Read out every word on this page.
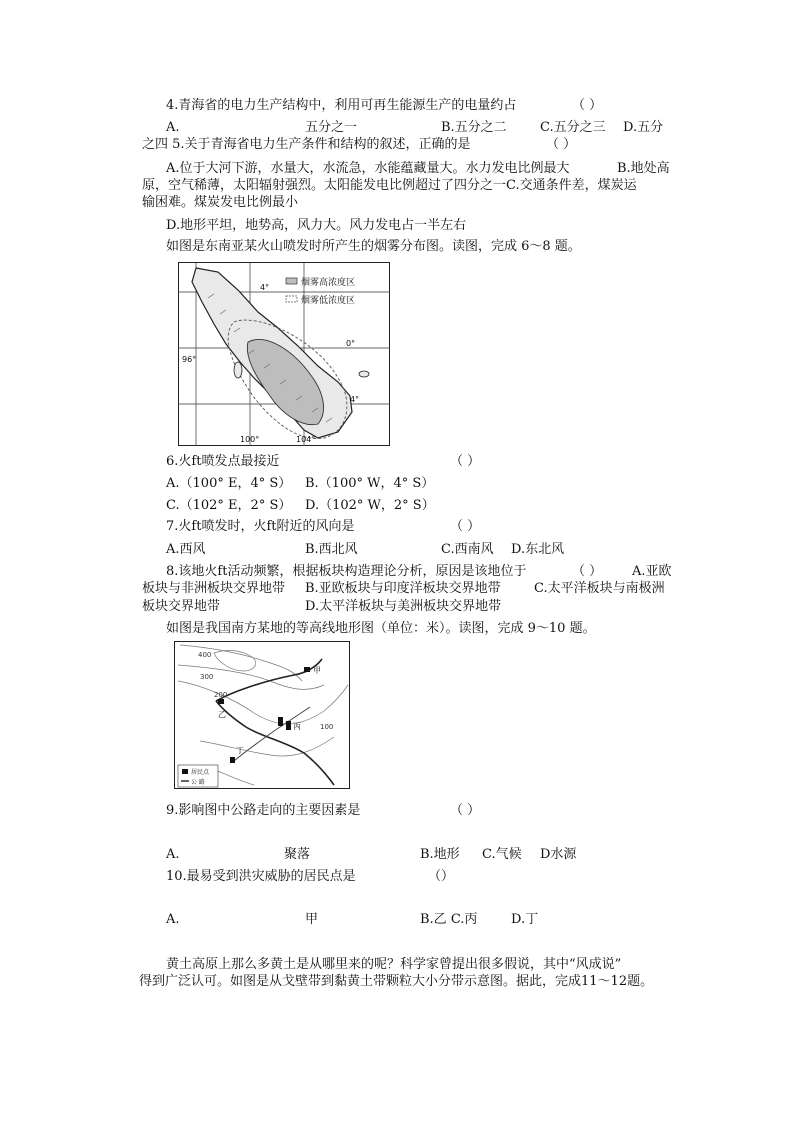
4.青海省的电力生产结构中，利用可再生能源生产的电量约占	（ ）
A.	五分之一	B.五分之二	C.五分之三 D.五分
之四 5.关于青海省电力生产条件和结构的叙述，正确的是	（ ）
A.位于大河下游，水量大，水流急，水能蕴藏量大。水力发电比例最大	B.地处高
原，空气稀薄，太阳辐射强烈。太阳能发电比例超过了四分之一C.交通条件差，煤炭运
输困难。煤炭发电比例最小
D.地形平坦，地势高，风力大。风力发电占一半左右
如图是东南亚某火山喷发时所产生的烟雾分布图。读图，完成 6～8 题。
烟雾高浓度区
烟雾低浓度区
4°
0°
4°
96°
100°	104°
6.火ft喷发点最接近	（ ）
A.（100° E，4° S） B.（100° W，4° S）
C.（102° E，2° S） D.（102° W，2° S）
7.火ft喷发时，火ft附近的风向是	（ ）
A.西风	B.西北风	C.西南风 D.东北风
8.该地火ft活动频繁，根据板块构造理论分析，原因是该地位于	（ ） A.亚欧
板块与非洲板块交界地带 B.亚欧板块与印度洋板块交界地带	C.太平洋板块与南极洲
板块交界地带	D.太平洋板块与美洲板块交界地带
如图是我国南方某地的等高线地形图（单位：米）。读图，完成 9～10 题。
400
300
200
100
甲
乙
丙
丁
居民点
公 路
9.影响图中公路走向的主要因素是	（ ）
A.	聚落	B.地形 C.气候 D水源
10.最易受到洪灾威胁的居民点是	（）
A.	甲	B.乙 C.丙	D.丁
黄土高原上那么多黄土是从哪里来的呢？科学家曾提出很多假说，其中“风成说”
得到广泛认可。如图是从戈壁带到黏黄土带颗粒大小分带示意图。据此，完成11～12题。
